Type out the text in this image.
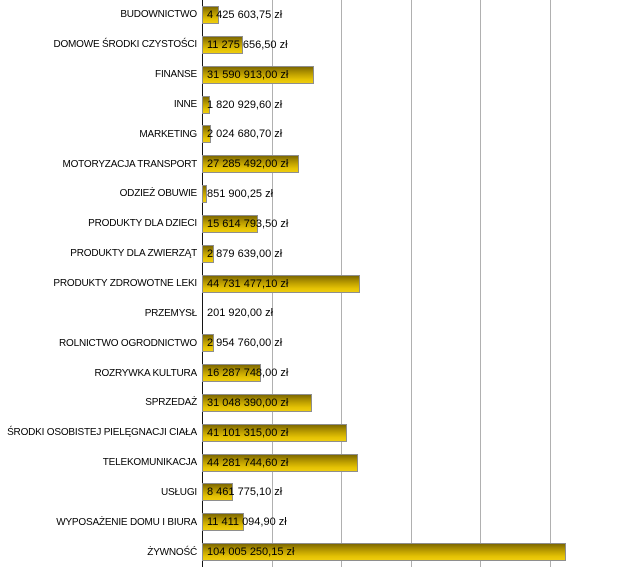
BUDOWNICTWO 4 425 603,75 zł
DOMOWE ŚRODKI CZYSTOŚCI 11 275 656,50 zł
FINANSE 31 590 913,00 zł
INNE 1 820 929,60 zł
MARKETING 2 024 680,70 zł
MOTORYZACJA TRANSPORT 27 285 492,00 zł
ODZIEŻ OBUWIE 851 900,25 zł
PRODUKTY DLA DZIECI 15 614 793,50 zł
PRODUKTY DLA ZWIERZĄT 2 879 639,00 zł
PRODUKTY ZDROWOTNE LEKI 44 731 477,10 zł
PRZEMYSŁ 201 920,00 zł
ROLNICTWO OGRODNICTWO 2 954 760,00 zł
ROZRYWKA KULTURA 16 287 748,00 zł
SPRZEDAŻ 31 048 390,00 zł
ŚRODKI OSOBISTEJ PIELĘGNACJI CIAŁA 41 101 315,00 zł
TELEKOMUNIKACJA 44 281 744,60 zł
USŁUGI 8 461 775,10 zł
WYPOSAŻENIE DOMU I BIURA 11 411 094,90 zł
ŻYWNOŚĆ 104 005 250,15 zł
